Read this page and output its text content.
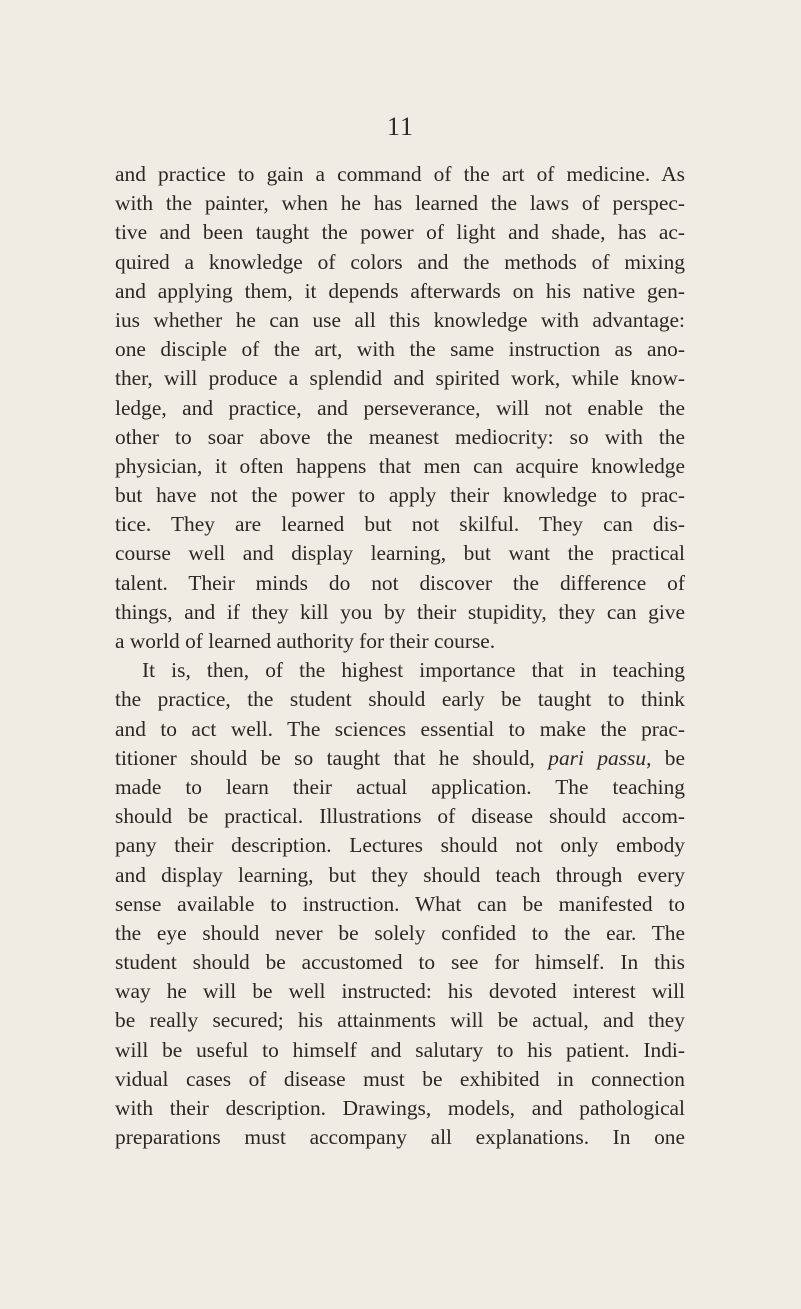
11
and practice to gain a command of the art of medicine. As
with the painter, when he has learned the laws of perspec-
tive and been taught the power of light and shade, has ac-
quired a knowledge of colors and the methods of mixing
and applying them, it depends afterwards on his native gen-
ius whether he can use all this knowledge with advantage:
one disciple of the art, with the same instruction as ano-
ther, will produce a splendid and spirited work, while know-
ledge, and practice, and perseverance, will not enable the
other to soar above the meanest mediocrity: so with the
physician, it often happens that men can acquire knowledge
but have not the power to apply their knowledge to prac-
tice. They are learned but not skilful. They can dis-
course well and display learning, but want the practical
talent. Their minds do not discover the difference of
things, and if they kill you by their stupidity, they can give
a world of learned authority for their course.
It is, then, of the highest importance that in teaching
the practice, the student should early be taught to think
and to act well. The sciences essential to make the prac-
titioner should be so taught that he should, pari passu, be
made to learn their actual application. The teaching
should be practical. Illustrations of disease should accom-
pany their description. Lectures should not only embody
and display learning, but they should teach through every
sense available to instruction. What can be manifested to
the eye should never be solely confided to the ear. The
student should be accustomed to see for himself. In this
way he will be well instructed: his devoted interest will
be really secured; his attainments will be actual, and they
will be useful to himself and salutary to his patient. Indi-
vidual cases of disease must be exhibited in connection
with their description. Drawings, models, and pathological
preparations must accompany all explanations. In one
